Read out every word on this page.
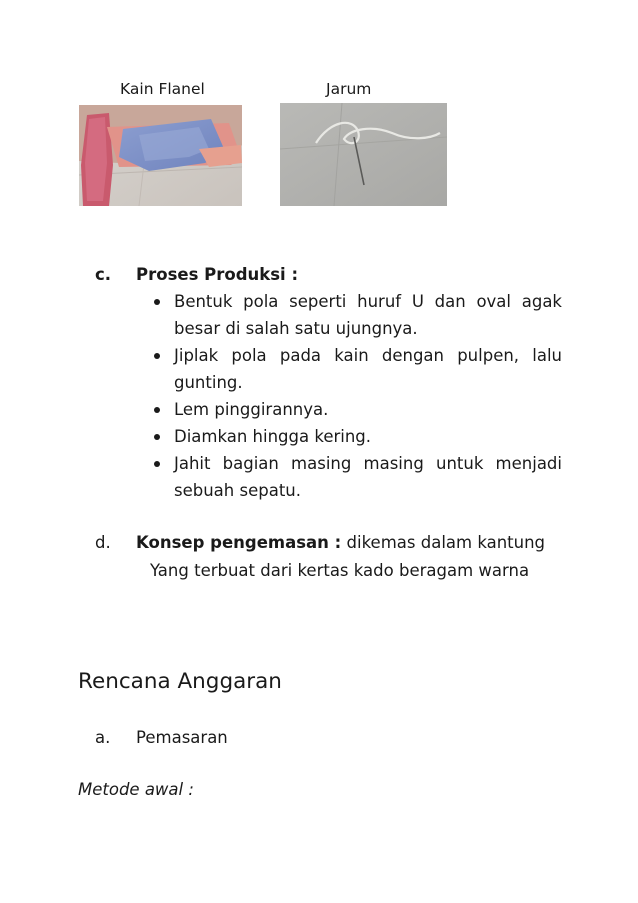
Kain Flanel	Jarum
c. Proses Produksi :
Bentuk pola seperti huruf U dan oval agak besar di salah satu ujungnya.
Jiplak pola pada kain dengan pulpen, lalu gunting.
Lem pinggirannya.
Diamkan hingga kering.
Jahit bagian masing masing untuk menjadi sebuah sepatu.
d. Konsep pengemasan : dikemas dalam kantung
Yang terbuat dari kertas kado beragam warna
Rencana Anggaran
a. Pemasaran
Metode awal :
